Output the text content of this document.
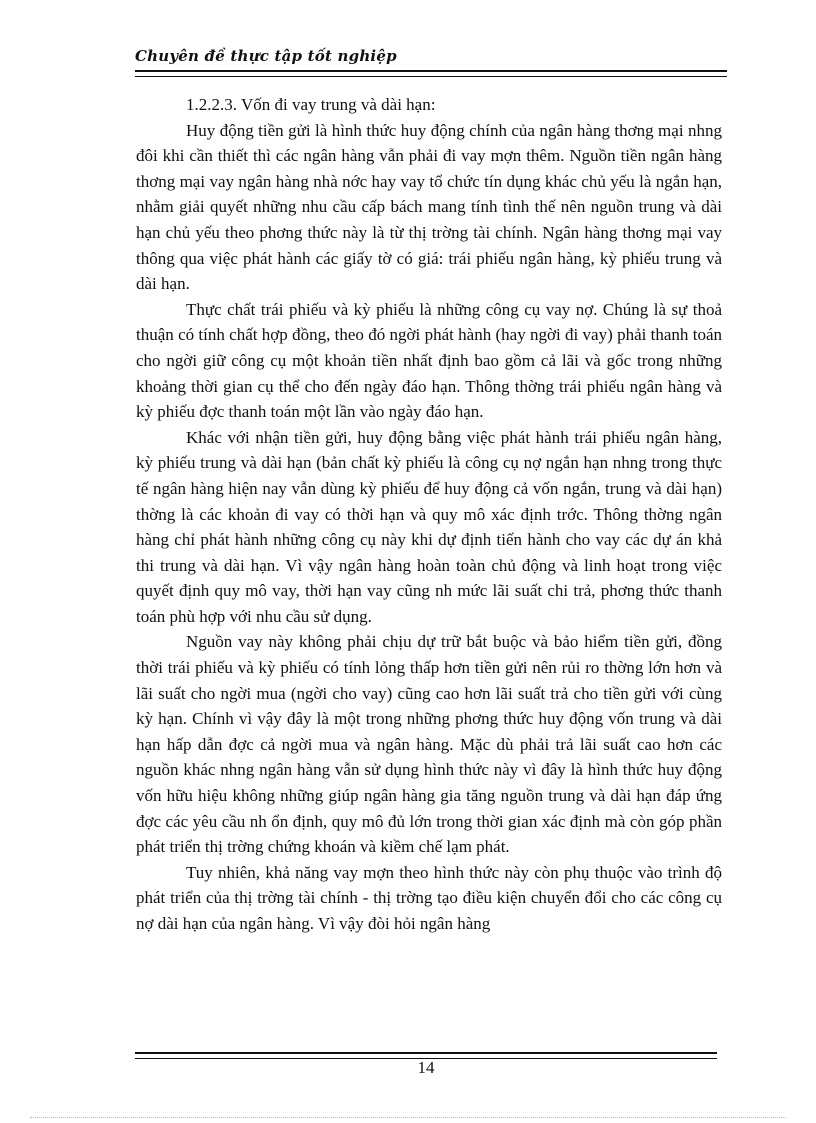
Chuyên đề thực tập tốt nghiệp

1.2.2.3. Vốn đi vay trung và dài hạn:

Huy động tiền gửi là hình thức huy động chính của ngân hàng thơng mại nhng đôi khi cần thiết thì các ngân hàng vẫn phải đi vay mợn thêm. Nguồn tiền ngân hàng thơng mại vay ngân hàng nhà nớc hay vay tổ chức tín dụng khác chủ yếu là ngắn hạn, nhằm giải quyết những nhu cầu cấp bách mang tính tình thế nên nguồn trung và dài hạn chủ yếu theo phơng thức này là từ thị trờng tài chính. Ngân hàng thơng mại vay thông qua việc phát hành các giấy tờ có giá: trái phiếu ngân hàng, kỳ phiếu trung và dài hạn.

Thực chất trái phiếu và kỳ phiếu là những công cụ vay nợ. Chúng là sự thoả thuận có tính chất hợp đồng, theo đó ngời phát hành (hay ngời đi vay) phải thanh toán cho ngời giữ công cụ một khoản tiền nhất định bao gồm cả lãi và gốc trong những khoảng thời gian cụ thể cho đến ngày đáo hạn. Thông thờng trái phiếu ngân hàng và kỳ phiếu đợc thanh toán một lần vào ngày đáo hạn.

Khác với nhận tiền gửi, huy động bằng việc phát hành trái phiếu ngân hàng, kỳ phiếu trung và dài hạn (bản chất kỳ phiếu là công cụ nợ ngắn hạn nhng trong thực tế ngân hàng hiện nay vẫn dùng kỳ phiếu để huy động cả vốn ngắn, trung và dài hạn) thờng là các khoản đi vay có thời hạn và quy mô xác định trớc. Thông thờng ngân hàng chỉ phát hành những công cụ này khi dự định tiến hành cho vay các dự án khả thi trung và dài hạn. Vì vậy ngân hàng hoàn toàn chủ động và linh hoạt trong việc quyết định quy mô vay, thời hạn vay cũng nh mức lãi suất chi trả, phơng thức thanh toán phù hợp với nhu cầu sử dụng.

Nguồn vay này không phải chịu dự trữ bắt buộc và bảo hiểm tiền gửi, đồng thời trái phiếu và kỳ phiếu có tính lỏng thấp hơn tiền gửi nên rủi ro thờng lớn hơn và lãi suất cho ngời mua (ngời cho vay) cũng cao hơn lãi suất trả cho tiền gửi với cùng kỳ hạn. Chính vì vậy đây là một trong những phơng thức huy động vốn trung và dài hạn hấp dẫn đợc cả ngời mua và ngân hàng. Mặc dù phải trả lãi suất cao hơn các nguồn khác nhng ngân hàng vẫn sử dụng hình thức này vì đây là hình thức huy động vốn hữu hiệu không những giúp ngân hàng gia tăng nguồn trung và dài hạn đáp ứng đợc các yêu cầu nh ổn định, quy mô đủ lớn trong thời gian xác định mà còn góp phần phát triển thị trờng chứng khoán và kiềm chế lạm phát.

Tuy nhiên, khả năng vay mợn theo hình thức này còn phụ thuộc vào trình độ phát triển của thị trờng tài chính - thị trờng tạo điều kiện chuyển đổi cho các công cụ nợ dài hạn của ngân hàng. Vì vậy đòi hỏi ngân hàng

14
